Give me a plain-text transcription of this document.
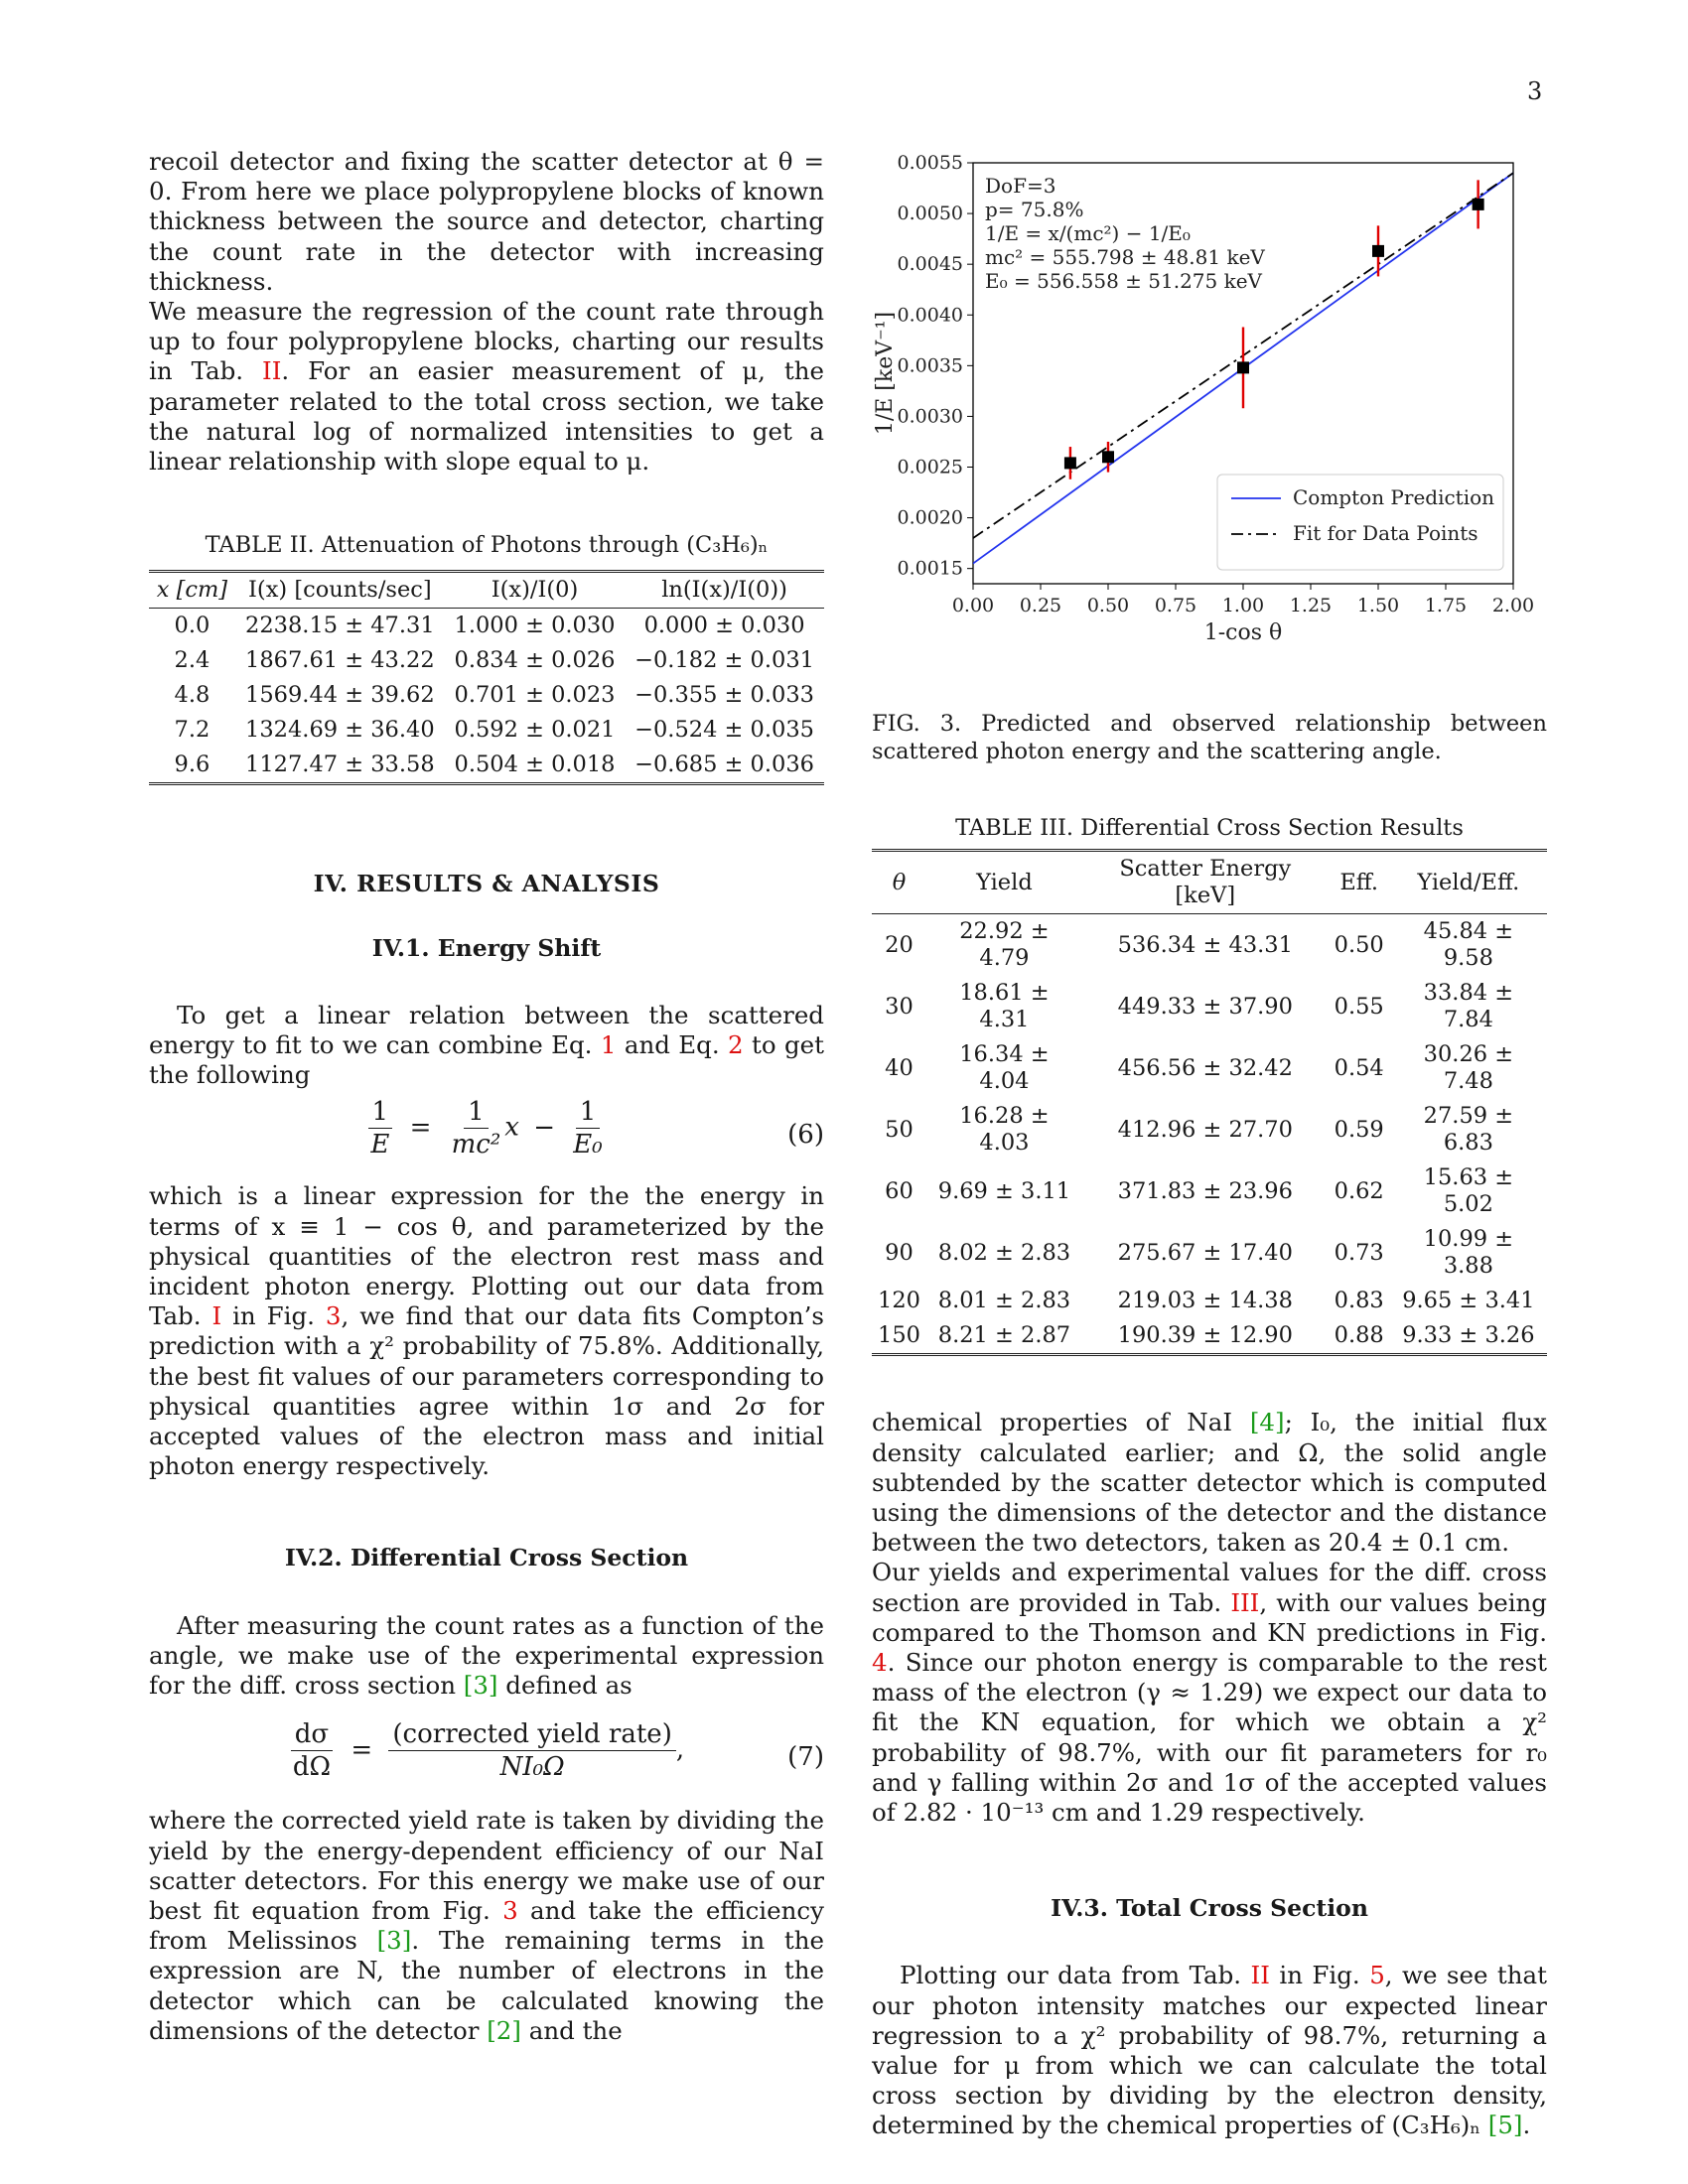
3

recoil detector and fixing the scatter detector at θ = 0. From here we place polypropylene blocks of known thickness between the source and detector, charting the count rate in the detector with increasing thickness.

We measure the regression of the count rate through up to four polypropylene blocks, charting our results in Tab. II. For an easier measurement of μ, the parameter related to the total cross section, we take the natural log of normalized intensities to get a linear relationship with slope equal to μ.

TABLE II. Attenuation of Photons through (C₃H₆)ₙ

x [cm]	I(x) [counts/sec]	I(x)/I(0)	ln(I(x)/I(0))
0.0	2238.15 ± 47.31	1.000 ± 0.030	0.000 ± 0.030
2.4	1867.61 ± 43.22	0.834 ± 0.026	−0.182 ± 0.031
4.8	1569.44 ± 39.62	0.701 ± 0.023	−0.355 ± 0.033
7.2	1324.69 ± 36.40	0.592 ± 0.021	−0.524 ± 0.035
9.6	1127.47 ± 33.58	0.504 ± 0.018	−0.685 ± 0.036

IV. RESULTS & ANALYSIS

IV.1. Energy Shift

To get a linear relation between the scattered energy to fit to we can combine Eq. 1 and Eq. 2 to get the following

$\frac{1}{E} = \frac{1}{\text{mc²}}$ $x - \frac{1}{\text{E₀}}$	(6)

which is a linear expression for the the energy in terms of x ≡ 1 − cos θ, and parameterized by the physical quantities of the electron rest mass and incident photon energy. Plotting out our data from Tab. I in Fig. 3, we find that our data fits Compton’s prediction with a χ² probability of 75.8%. Additionally, the best fit values of our parameters corresponding to physical quantities agree within 1σ and 2σ for accepted values of the electron mass and initial photon energy respectively.

IV.2. Differential Cross Section

After measuring the count rates as a function of the angle, we make use of the experimental expression for the diff. cross section [3] defined as

$\frac{d\sigma}{d\Omega} = \frac{\text{(corrected yield rate)}}{\text{NI₀Ω}}$ ,	(7)

where the corrected yield rate is taken by dividing the yield by the energy-dependent efficiency of our NaI scatter detectors. For this energy we make use of our best fit equation from Fig. 3 and take the efficiency from Melissinos [3]. The remaining terms in the expression are N, the number of electrons in the detector which can be calculated knowing the dimensions of the detector [2] and the

0.00 0.25 0.50 0.75 1.00 1.25 1.50 1.75 2.00
0.0015
0.0020
0.0025
0.0030
0.0035
0.0040
0.0045
0.0050
0.0055
1-cos θ
1/E [keV⁻¹]
DoF=3
p= 75.8%
1/E = x/(mc²) − 1/E₀
mc² = 555.798 ± 48.81 keV
E₀ = 556.558 ± 51.275 keV
Compton Prediction
Fit for Data Points

FIG. 3. Predicted and observed relationship between scattered photon energy and the scattering angle.

TABLE III. Differential Cross Section Results

θ	Yield	Scatter Energy [keV]	Eff.	Yield/Eff.
20	22.92 ± 4.79	536.34 ± 43.31	0.50	45.84 ± 9.58
30	18.61 ± 4.31	449.33 ± 37.90	0.55	33.84 ± 7.84
40	16.34 ± 4.04	456.56 ± 32.42	0.54	30.26 ± 7.48
50	16.28 ± 4.03	412.96 ± 27.70	0.59	27.59 ± 6.83
60	9.69 ± 3.11	371.83 ± 23.96	0.62	15.63 ± 5.02
90	8.02 ± 2.83	275.67 ± 17.40	0.73	10.99 ± 3.88
120	8.01 ± 2.83	219.03 ± 14.38	0.83	9.65 ± 3.41
150	8.21 ± 2.87	190.39 ± 12.90	0.88	9.33 ± 3.26

chemical properties of NaI [4]; I₀, the initial flux density calculated earlier; and Ω, the solid angle subtended by the scatter detector which is computed using the dimensions of the detector and the distance between the two detectors, taken as 20.4 ± 0.1 cm.

Our yields and experimental values for the diff. cross section are provided in Tab. III, with our values being compared to the Thomson and KN predictions in Fig. 4. Since our photon energy is comparable to the rest mass of the electron (γ ≈ 1.29) we expect our data to fit the KN equation, for which we obtain a χ² probability of 98.7%, with our fit parameters for r₀ and γ falling within 2σ and 1σ of the accepted values of 2.82 · 10⁻¹³ cm and 1.29 respectively.

IV.3. Total Cross Section

Plotting our data from Tab. II in Fig. 5, we see that our photon intensity matches our expected linear regression to a χ² probability of 98.7%, returning a value for μ from which we can calculate the total cross section by dividing by the electron density, determined by the chemical properties of (C₃H₆)ₙ [5].
